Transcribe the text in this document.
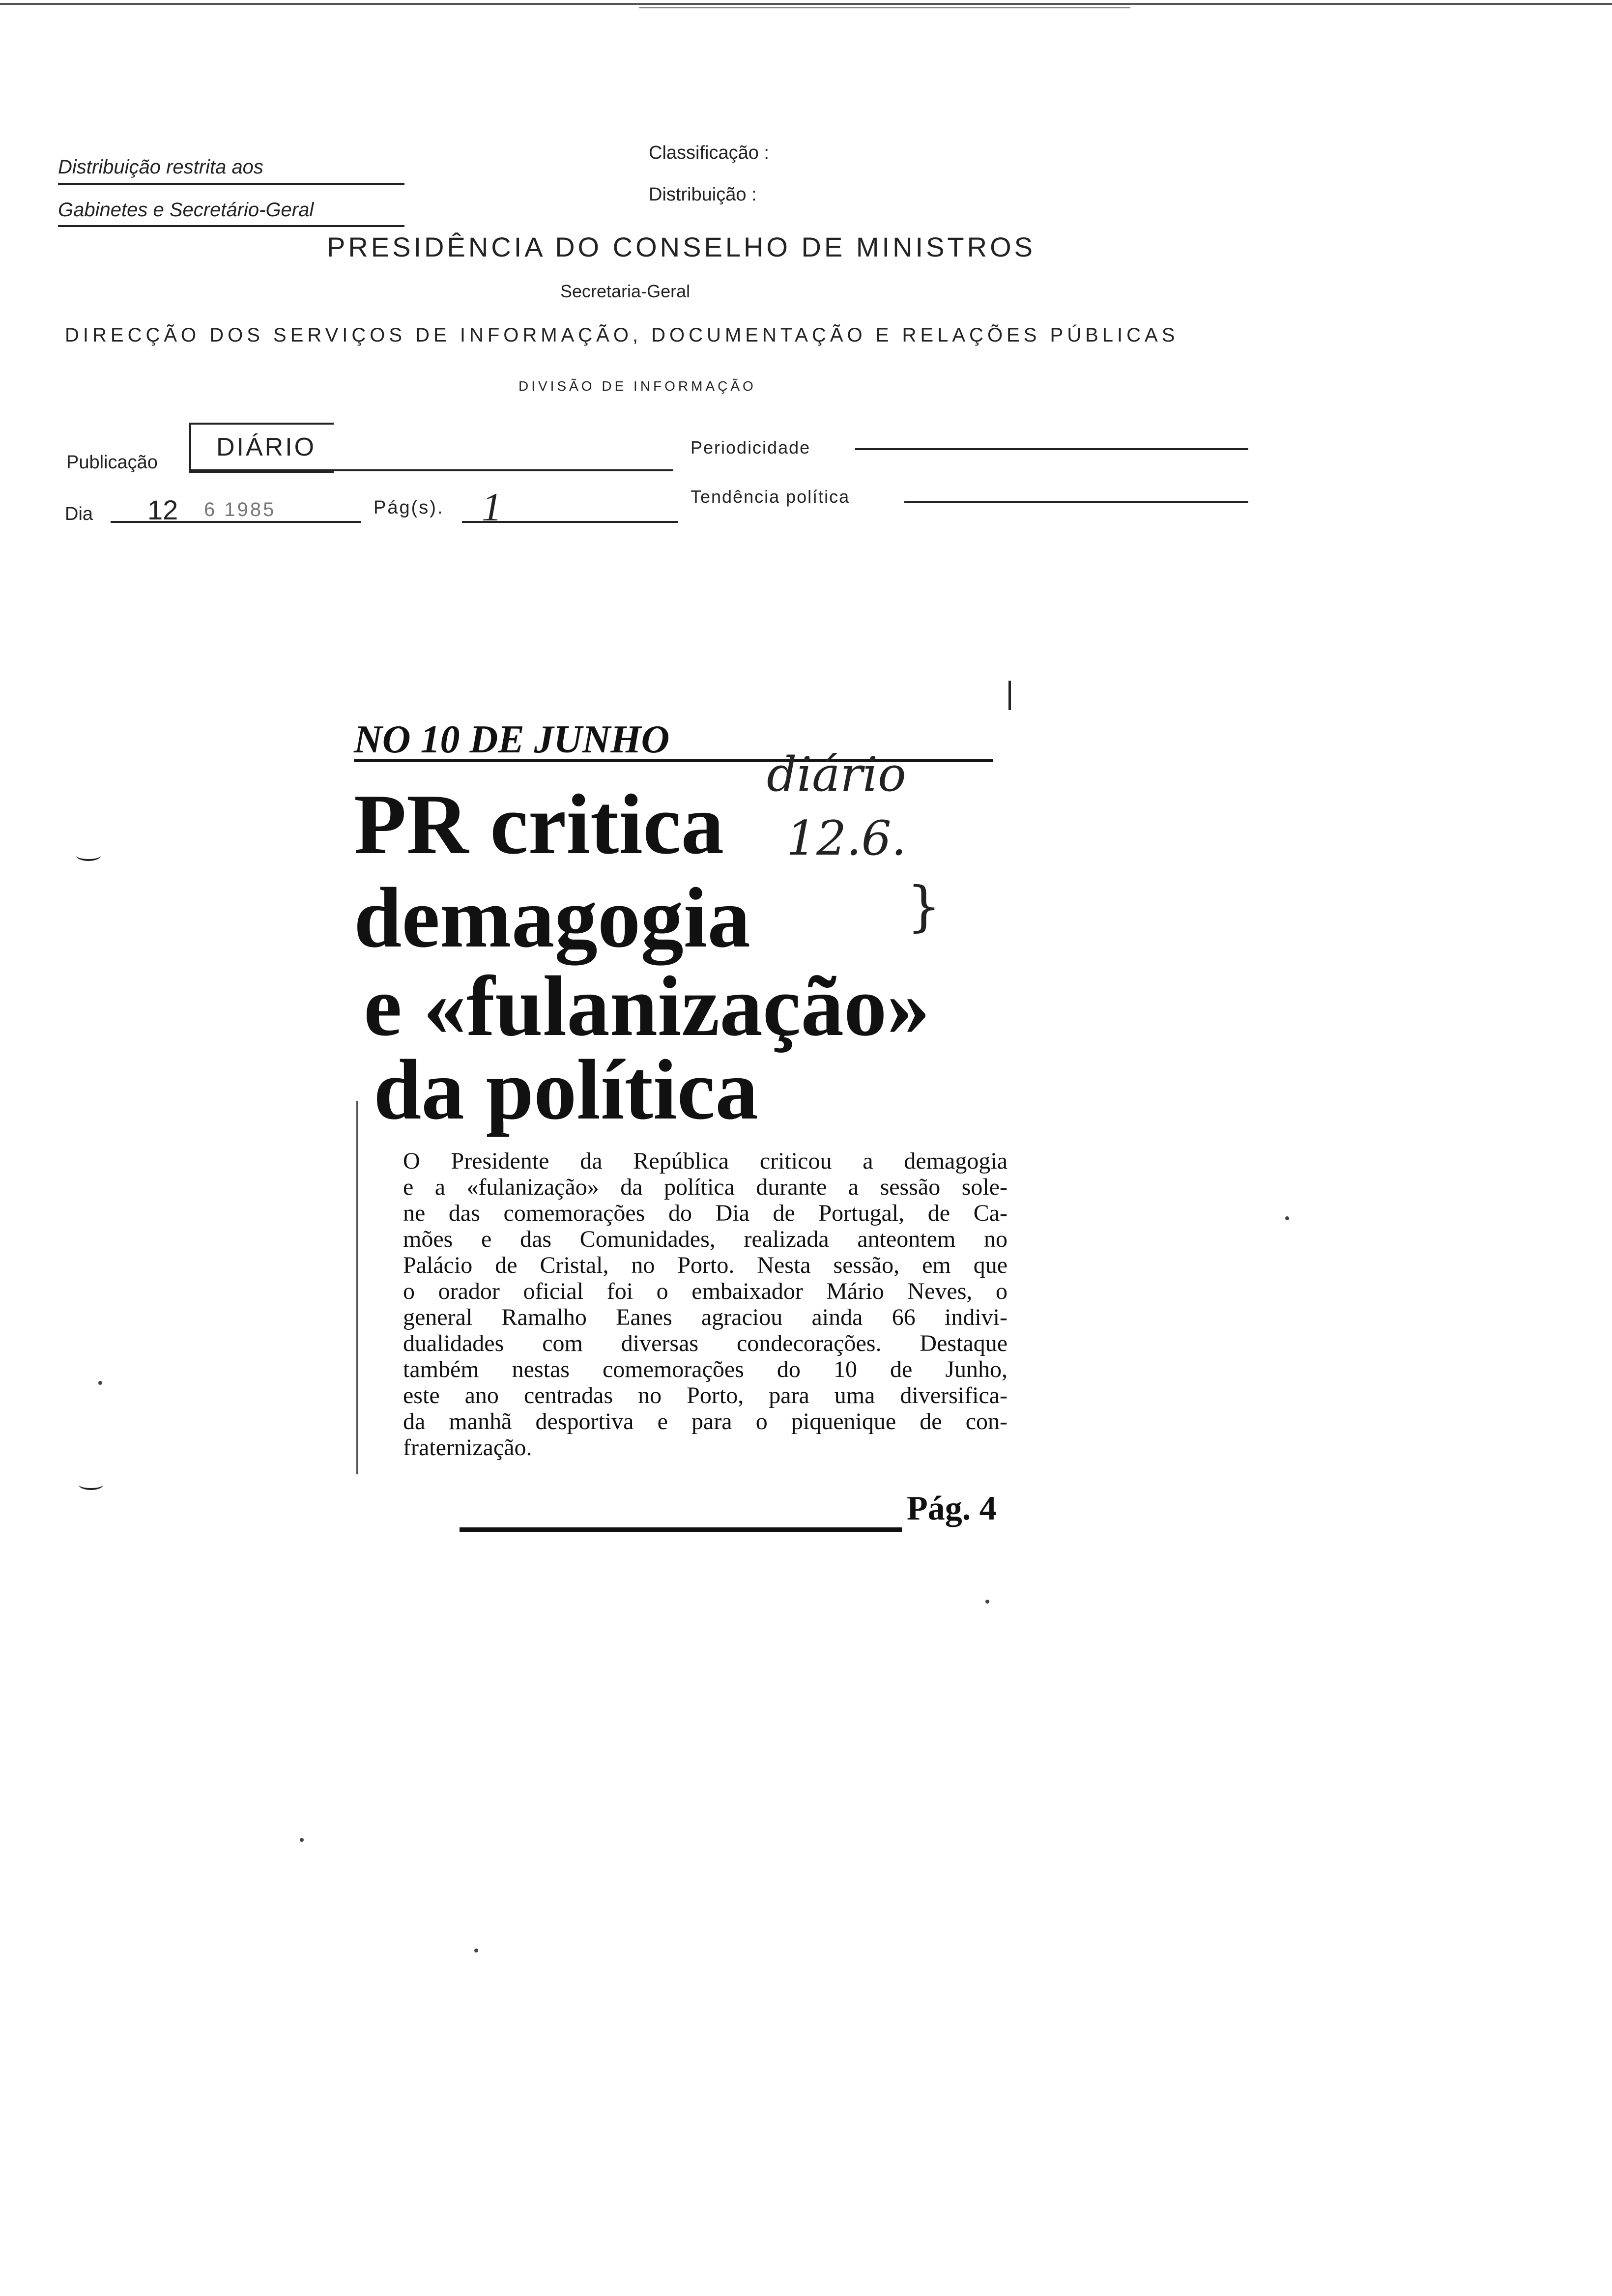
Distribuição restrita aos
Gabinetes e Secretário-Geral
Classificação :
Distribuição :
PRESIDÊNCIA DO CONSELHO DE MINISTROS
Secretaria-Geral
DIRECÇÃO DOS SERVIÇOS DE INFORMAÇÃO, DOCUMENTAÇÃO E RELAÇÕES PÚBLICAS
DIVISÃO DE INFORMAÇÃO
Publicação
DIÁRIO	Periodicidade
Tendência política
Dia 12 6 1985	Pág(s). 1
NO 10 DE JUNHO
PR critica
demagogia
e «fulanização»
da política
diário
12.6.
}
O Presidente da República criticou a demagogia
e a «fulanização» da política durante a sessão sole-
ne das comemorações do Dia de Portugal, de Ca-
mões e das Comunidades, realizada anteontem no
Palácio de Cristal, no Porto. Nesta sessão, em que
o orador oficial foi o embaixador Mário Neves, o
general Ramalho Eanes agraciou ainda 66 indivi-
dualidades com diversas condecorações. Destaque
também nestas comemorações do 10 de Junho,
este ano centradas no Porto, para uma diversifica-
da manhã desportiva e para o piquenique de con-
fraternização.
Pág. 4
